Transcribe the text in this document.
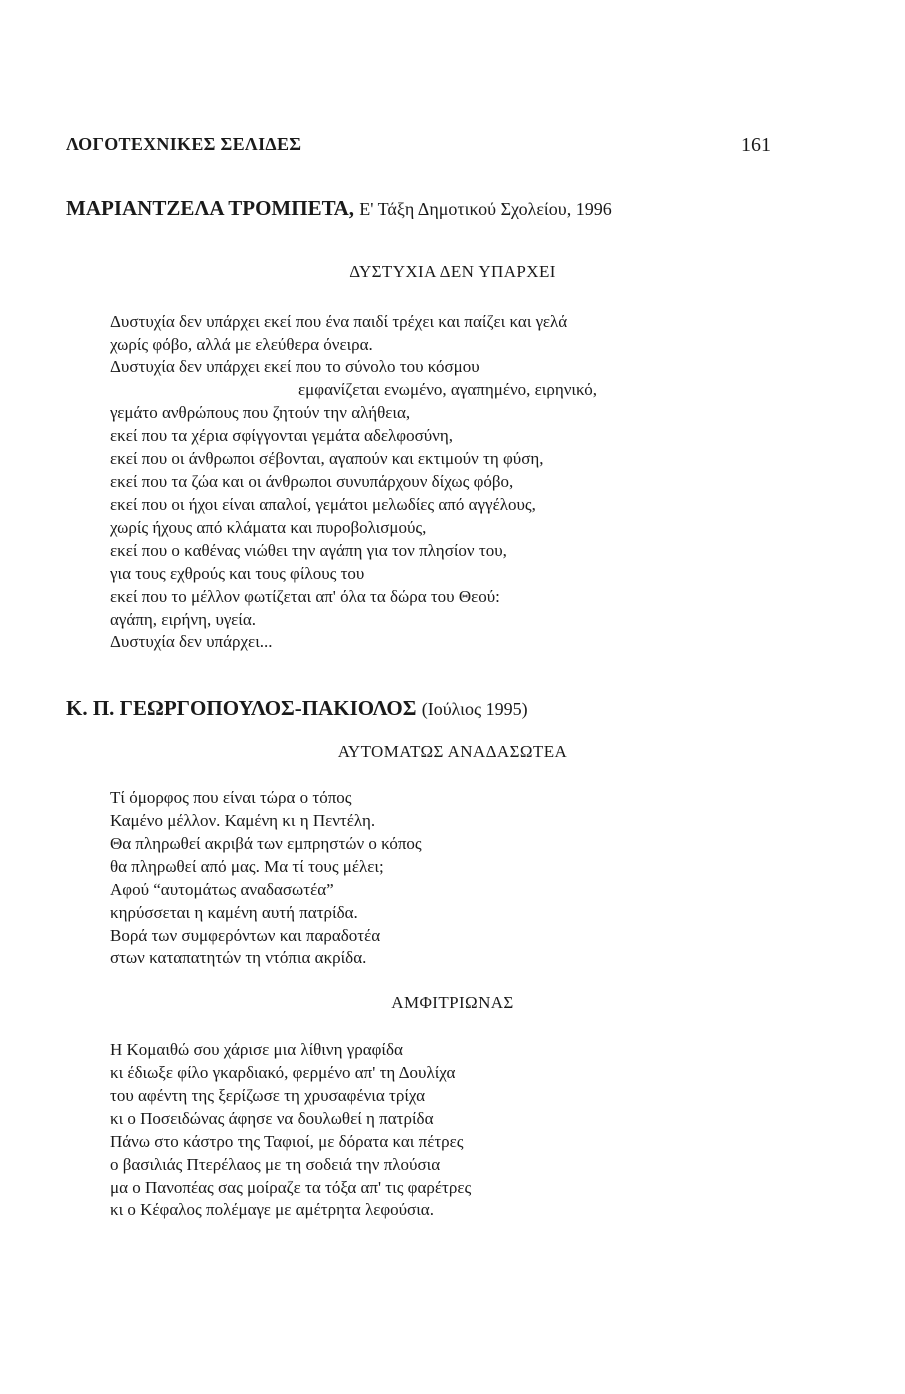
ΛΟΓΟΤΕΧΝΙΚΕΣ ΣΕΛΙΔΕΣ	161
ΜΑΡΙΑΝΤΖΕΛΑ ΤΡΟΜΠΕΤΑ, Ε' Τάξη Δημοτικού Σχολείου, 1996
ΔΥΣΤΥΧΙΑ ΔΕΝ ΥΠΑΡΧΕΙ
Δυστυχία δεν υπάρχει εκεί που ένα παιδί τρέχει και παίζει και γελά
χωρίς φόβο, αλλά με ελεύθερα όνειρα.
Δυστυχία δεν υπάρχει εκεί που το σύνολο του κόσμου
εμφανίζεται ενωμένο, αγαπημένο, ειρηνικό,
γεμάτο ανθρώπους που ζητούν την αλήθεια,
εκεί που τα χέρια σφίγγονται γεμάτα αδελφοσύνη,
εκεί που οι άνθρωποι σέβονται, αγαπούν και εκτιμούν τη φύση,
εκεί που τα ζώα και οι άνθρωποι συνυπάρχουν δίχως φόβο,
εκεί που οι ήχοι είναι απαλοί, γεμάτοι μελωδίες από αγγέλους,
χωρίς ήχους από κλάματα και πυροβολισμούς,
εκεί που ο καθένας νιώθει την αγάπη για τον πλησίον του,
για τους εχθρούς και τους φίλους του
εκεί που το μέλλον φωτίζεται απ' όλα τα δώρα του Θεού:
αγάπη, ειρήνη, υγεία.
Δυστυχία δεν υπάρχει...
Κ. Π. ΓΕΩΡΓΟΠΟΥΛΟΣ-ΠΑΚΙΟΛΟΣ (Ιούλιος 1995)
ΑΥΤΟΜΑΤΩΣ ΑΝΑΔΑΣΩΤΕΑ
Τί όμορφος που είναι τώρα ο τόπος
Καμένο μέλλον. Καμένη κι η Πεντέλη.
Θα πληρωθεί ακριβά των εμπρηστών ο κόπος
θα πληρωθεί από μας. Μα τί τους μέλει;
Αφού “αυτομάτως αναδασωτέα”
κηρύσσεται η καμένη αυτή πατρίδα.
Βορά των συμφερόντων και παραδοτέα
στων καταπατητών τη ντόπια ακρίδα.
ΑΜΦΙΤΡΙΩΝΑΣ
Η Κομαιθώ σου χάρισε μια λίθινη γραφίδα
κι έδιωξε φίλο γκαρδιακό, φερμένο απ' τη Δουλίχα
του αφέντη της ξερίζωσε τη χρυσαφένια τρίχα
κι ο Ποσειδώνας άφησε να δουλωθεί η πατρίδα
Πάνω στο κάστρο της Ταφιοί, με δόρατα και πέτρες
ο βασιλιάς Πτερέλαος με τη σοδειά την πλούσια
μα ο Πανοπέας σας μοίραζε τα τόξα απ' τις φαρέτρες
κι ο Κέφαλος πολέμαγε με αμέτρητα λεφούσια.
